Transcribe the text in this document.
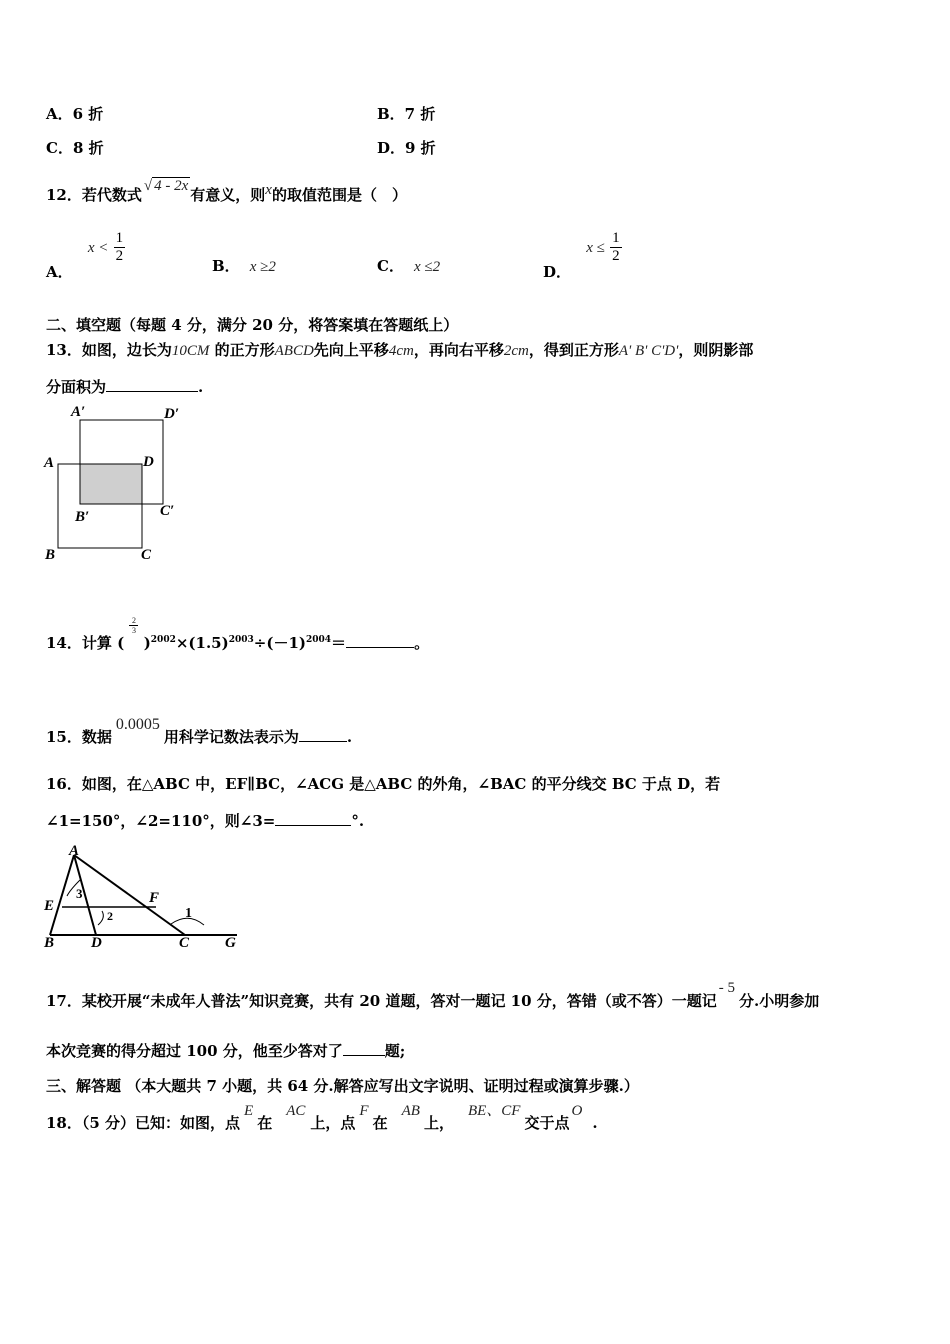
A．6 折	B．7 折
C．8 折	D．9 折
12．若代数式 √ 4 - 2x 有意义，则x的取值范围是（　）
A． $x < \frac{1}{2}$
B． x ≥2	C． x ≤2	D． $x \le \frac{1}{2}$
二、填空题（每题 4 分，满分 20 分，将答案填在答题纸上）
13．如图，边长为10CM 的正方形ABCD先向上平移4cm，再向右平移2cm，得到正方形A' B' C'D'，则阴影部
分面积为	.
A′	D′
A	D
B′	C′
B	C
14．计算 (
2
3
)$^{2002}\times(1.5)^{2003}\div(-1)^{2004}=$	。
15．数据0.0005用科学记数法表示为	.
16．如图，在△ABC 中，EF∥BC，∠ACG 是△ABC 的外角，∠BAC 的平分线交 BC 于点 D，若
∠1=150°，∠2=110°，则∠3=	°.
A
E	F
B D	C G
1
2
3
17．某校开展“未成年人普法”知识竞赛，共有 20 道题，答对一题记 10 分，答错（或不答）一题记- 5分.小明参加
本次竞赛的得分超过 100 分，他至少答对了	题;
三、解答题 （本大题共 7 小题，共 64 分.解答应写出文字说明、证明过程或演算步骤.）
18．（5 分）已知：如图，点E在AC上，点F在AB上，BE、CF交于点O.
